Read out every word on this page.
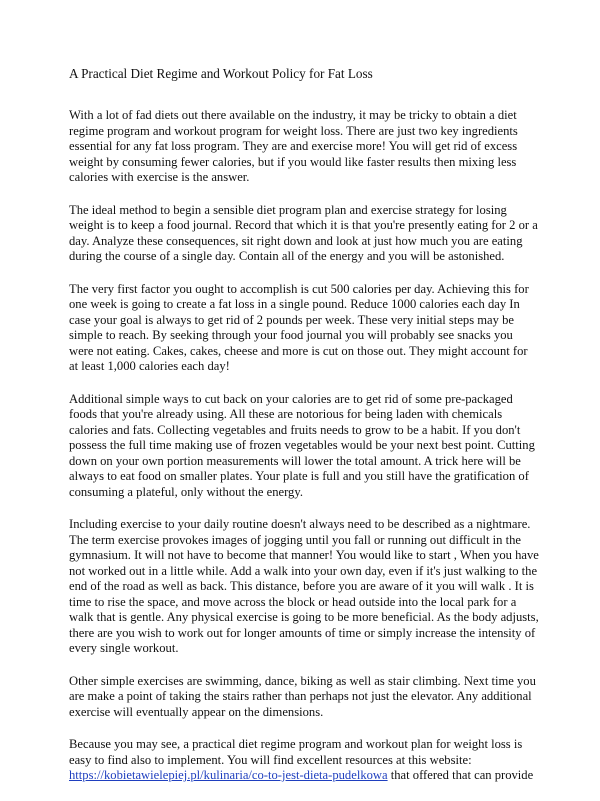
A Practical Diet Regime and Workout Policy for Fat Loss

With a lot of fad diets out there available on the industry, it may be tricky to obtain a diet regime program and workout program for weight loss. There are just two key ingredients essential for any fat loss program. They are and exercise more! You will get rid of excess weight by consuming fewer calories, but if you would like faster results then mixing less calories with exercise is the answer.

The ideal method to begin a sensible diet program plan and exercise strategy for losing weight is to keep a food journal. Record that which it is that you're presently eating for 2 or a day. Analyze these consequences, sit right down and look at just how much you are eating during the course of a single day. Contain all of the energy and you will be astonished.

The very first factor you ought to accomplish is cut 500 calories per day. Achieving this for one week is going to create a fat loss in a single pound. Reduce 1000 calories each day In case your goal is always to get rid of 2 pounds per week. These very initial steps may be simple to reach. By seeking through your food journal you will probably see snacks you were not eating. Cakes, cakes, cheese and more is cut on those out. They might account for at least 1,000 calories each day!

Additional simple ways to cut back on your calories are to get rid of some pre-packaged foods that you're already using. All these are notorious for being laden with chemicals calories and fats. Collecting vegetables and fruits needs to grow to be a habit. If you don't possess the full time making use of frozen vegetables would be your next best point. Cutting down on your own portion measurements will lower the total amount. A trick here will be always to eat food on smaller plates. Your plate is full and you still have the gratification of consuming a plateful, only without the energy.

Including exercise to your daily routine doesn't always need to be described as a nightmare. The term exercise provokes images of jogging until you fall or running out difficult in the gymnasium. It will not have to become that manner! You would like to start , When you have not worked out in a little while. Add a walk into your own day, even if it's just walking to the end of the road as well as back. This distance, before you are aware of it you will walk . It is time to rise the space, and move across the block or head outside into the local park for a walk that is gentle. Any physical exercise is going to be more beneficial. As the body adjusts, there are you wish to work out for longer amounts of time or simply increase the intensity of every single workout.

Other simple exercises are swimming, dance, biking as well as stair climbing. Next time you are make a point of taking the stairs rather than perhaps not just the elevator. Any additional exercise will eventually appear on the dimensions.

Because you may see, a practical diet regime program and workout plan for weight loss is easy to find also to implement. You will find excellent resources at this website: https://kobietawielepiej.pl/kulinaria/co-to-jest-dieta-pudelkowa that offered that can provide
